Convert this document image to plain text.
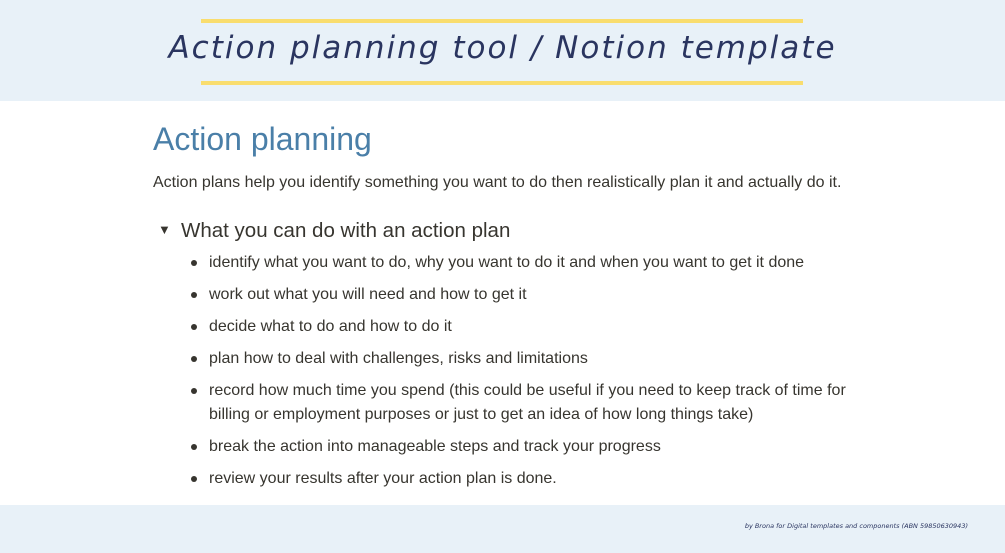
Action planning tool / Notion template
Action planning
Action plans help you identify something you want to do then realistically plan it and actually do it.
▼ What you can do with an action plan
identify what you want to do, why you want to do it and when you want to get it done
work out what you will need and how to get it
decide what to do and how to do it
plan how to deal with challenges, risks and limitations
record how much time you spend (this could be useful if you need to keep track of time for billing or employment purposes or just to get an idea of how long things take)
break the action into manageable steps and track your progress
review your results after your action plan is done.
by Brona for Digital templates and components (ABN 59850630943)
